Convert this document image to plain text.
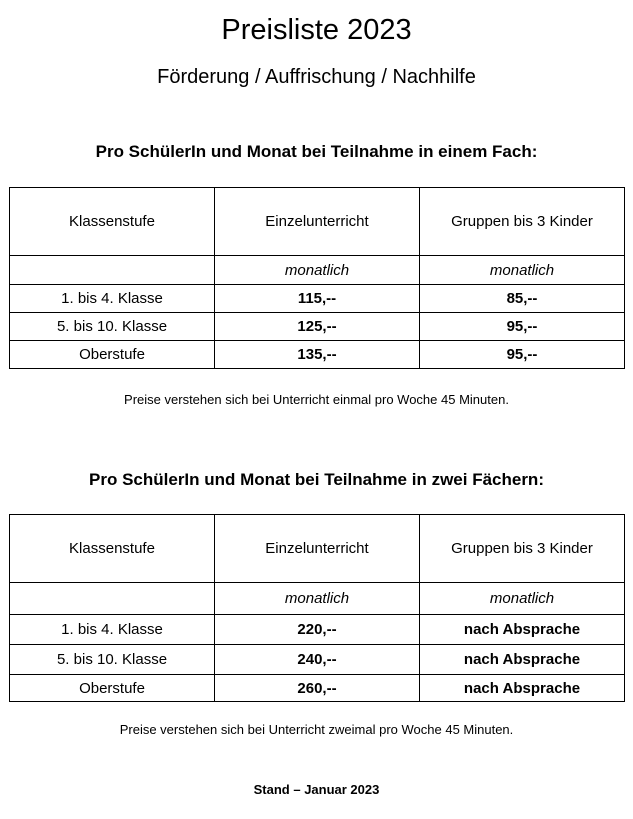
Preisliste 2023
Förderung / Auffrischung / Nachhilfe
Pro SchülerIn und Monat bei Teilnahme in einem Fach:
Klassenstufe	Einzelunterricht	Gruppen bis 3 Kinder
	monatlich	monatlich
1. bis 4. Klasse	115,--	85,--
5. bis 10. Klasse	125,--	95,--
Oberstufe	135,--	95,--
Preise verstehen sich bei Unterricht einmal pro Woche 45 Minuten.
Pro SchülerIn und Monat bei Teilnahme in zwei Fächern:
Klassenstufe	Einzelunterricht	Gruppen bis 3 Kinder
	monatlich	monatlich
1. bis 4. Klasse	220,--	nach Absprache
5. bis 10. Klasse	240,--	nach Absprache
Oberstufe	260,--	nach Absprache
Preise verstehen sich bei Unterricht zweimal pro Woche 45 Minuten.
Stand – Januar 2023
